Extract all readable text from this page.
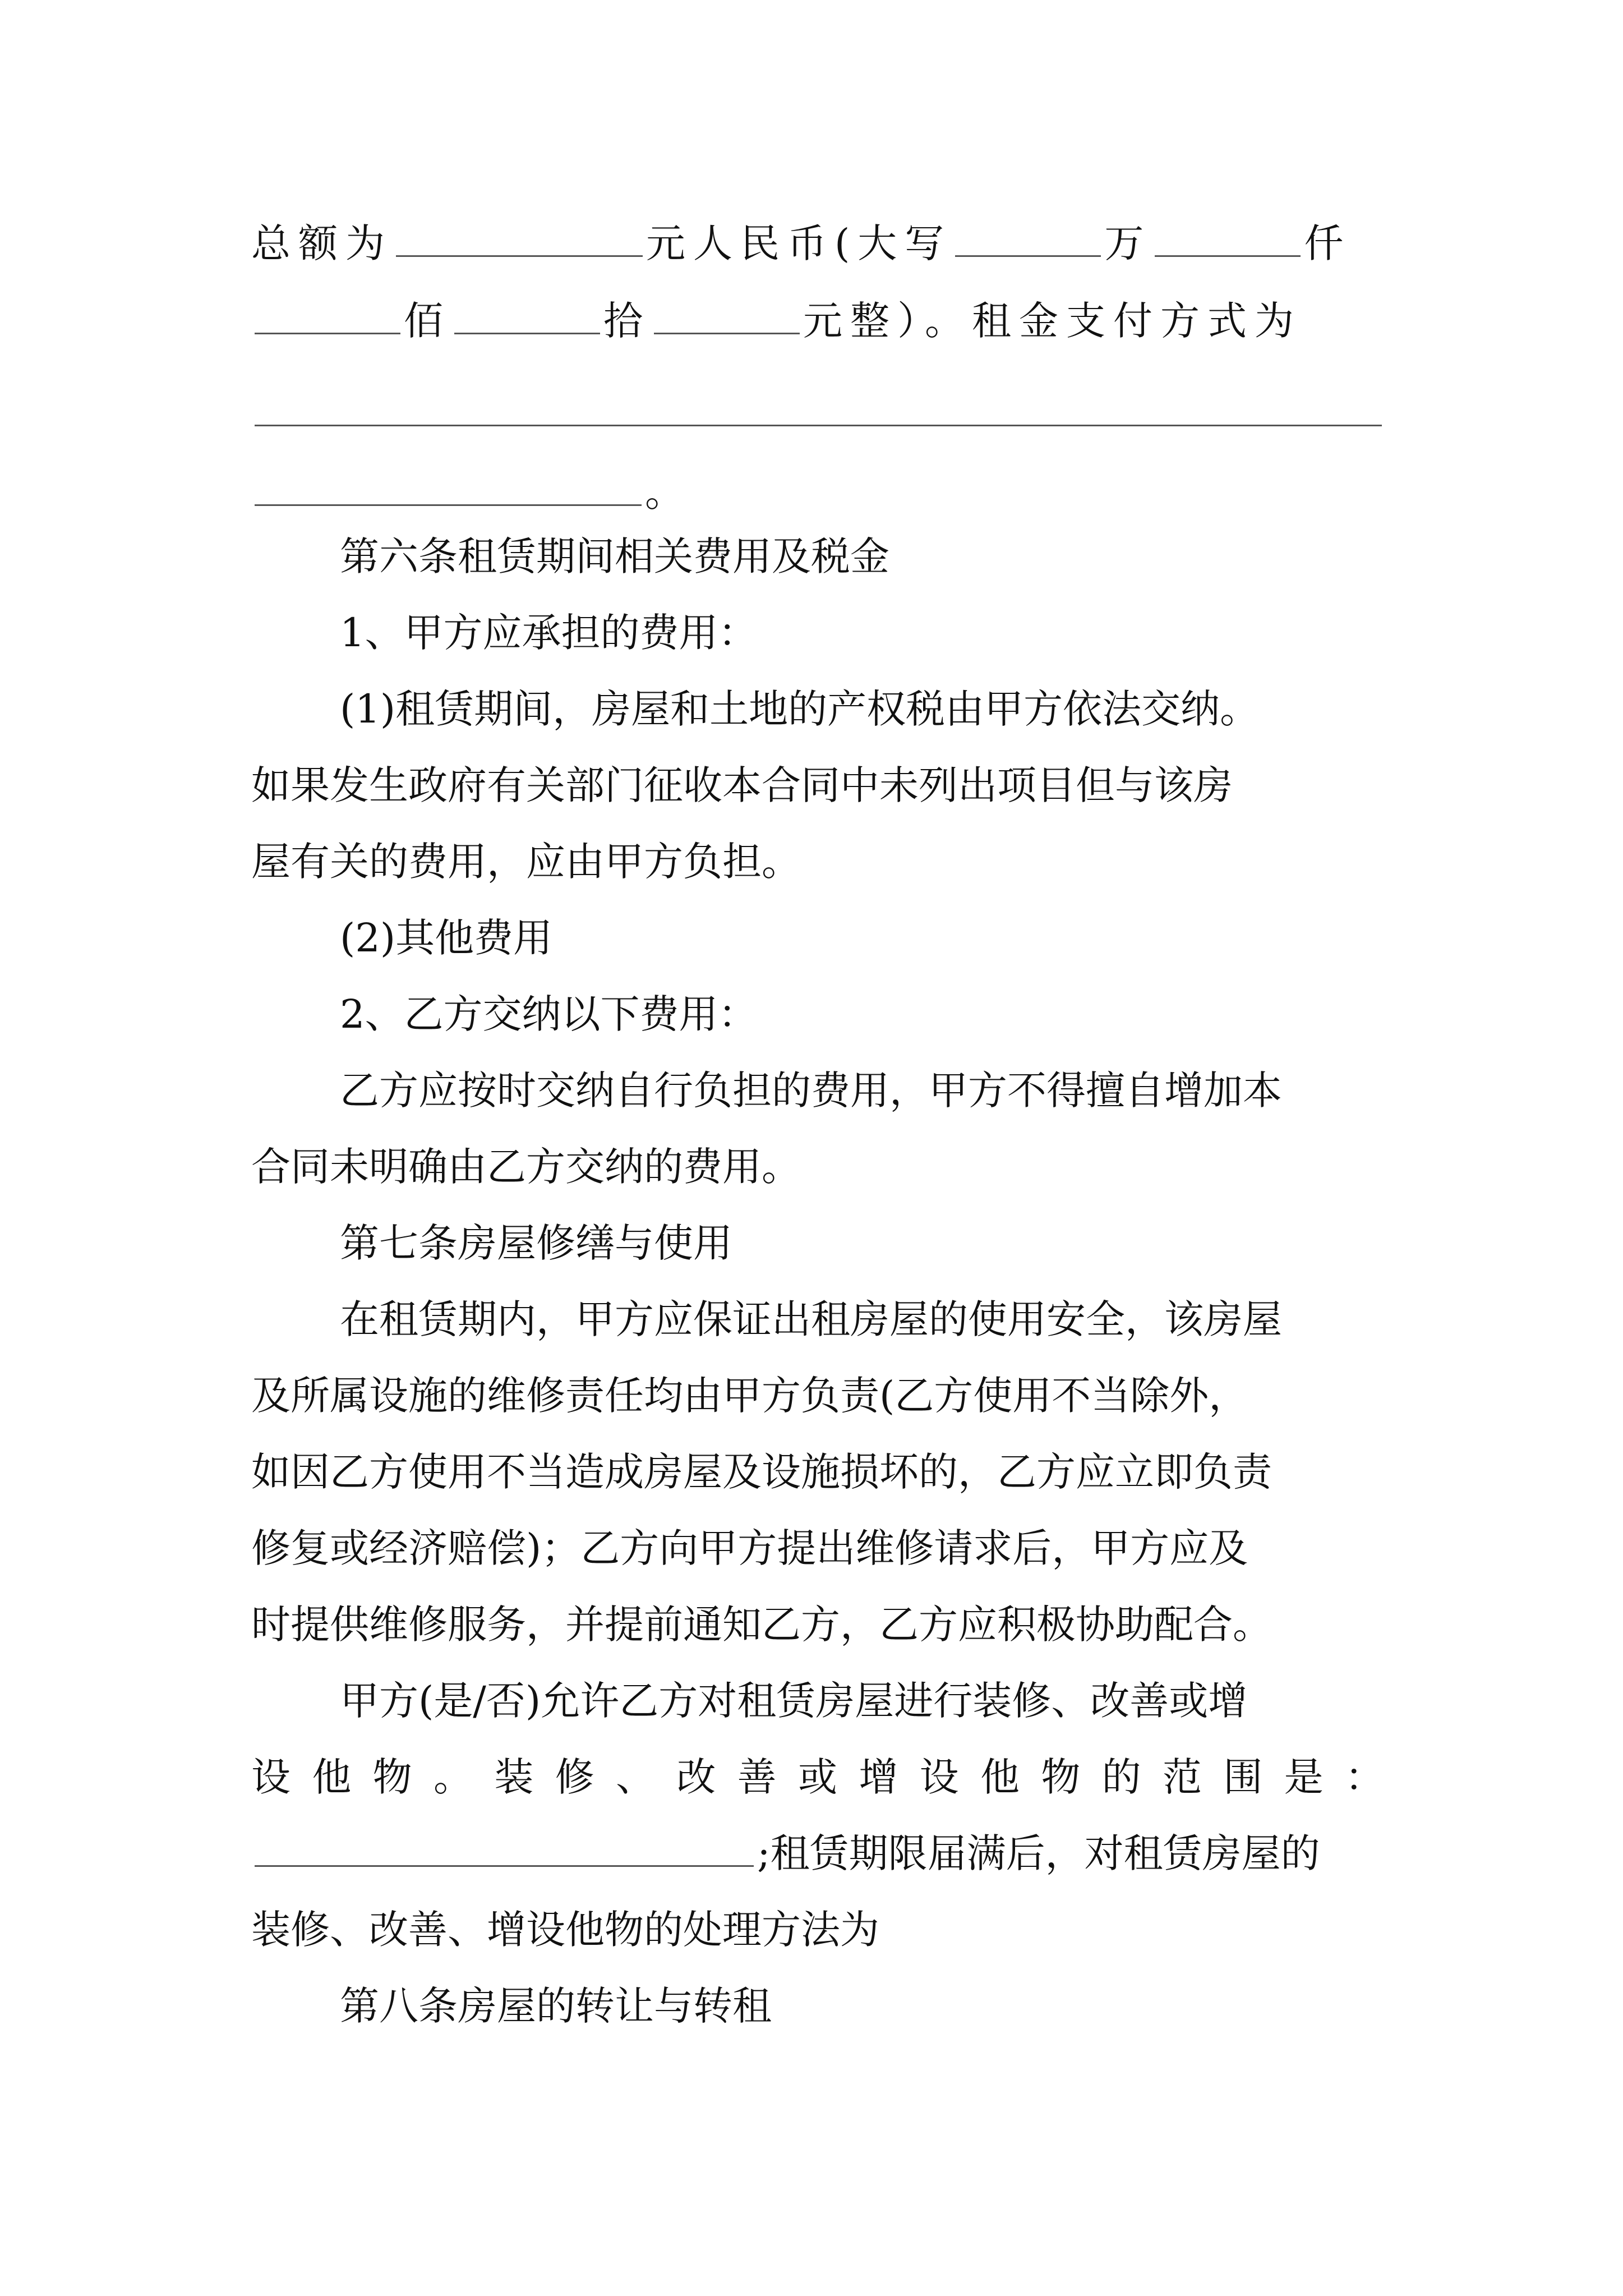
总额为	元人民币(大写	万	仟
佰	拾	元整）。租金支付方式为
。
第六条租赁期间相关费用及税金
1、甲方应承担的费用：
(1)租赁期间，房屋和土地的产权税由甲方依法交纳。
如果发生政府有关部门征收本合同中未列出项目但与该房
屋有关的费用，应由甲方负担。
(2)其他费用
2、乙方交纳以下费用：
乙方应按时交纳自行负担的费用，甲方不得擅自增加本
合同未明确由乙方交纳的费用。
第七条房屋修缮与使用
在租赁期内，甲方应保证出租房屋的使用安全，该房屋
及所属设施的维修责任均由甲方负责(乙方使用不当除外，
如因乙方使用不当造成房屋及设施损坏的，乙方应立即负责
修复或经济赔偿)；乙方向甲方提出维修请求后，甲方应及
时提供维修服务，并提前通知乙方，乙方应积极协助配合。
甲方(是/否)允许乙方对租赁房屋进行装修、改善或增
设他物。装修、改善或增设他物的范围是：
;租赁期限届满后，对租赁房屋的
装修、改善、增设他物的处理方法为
第八条房屋的转让与转租
